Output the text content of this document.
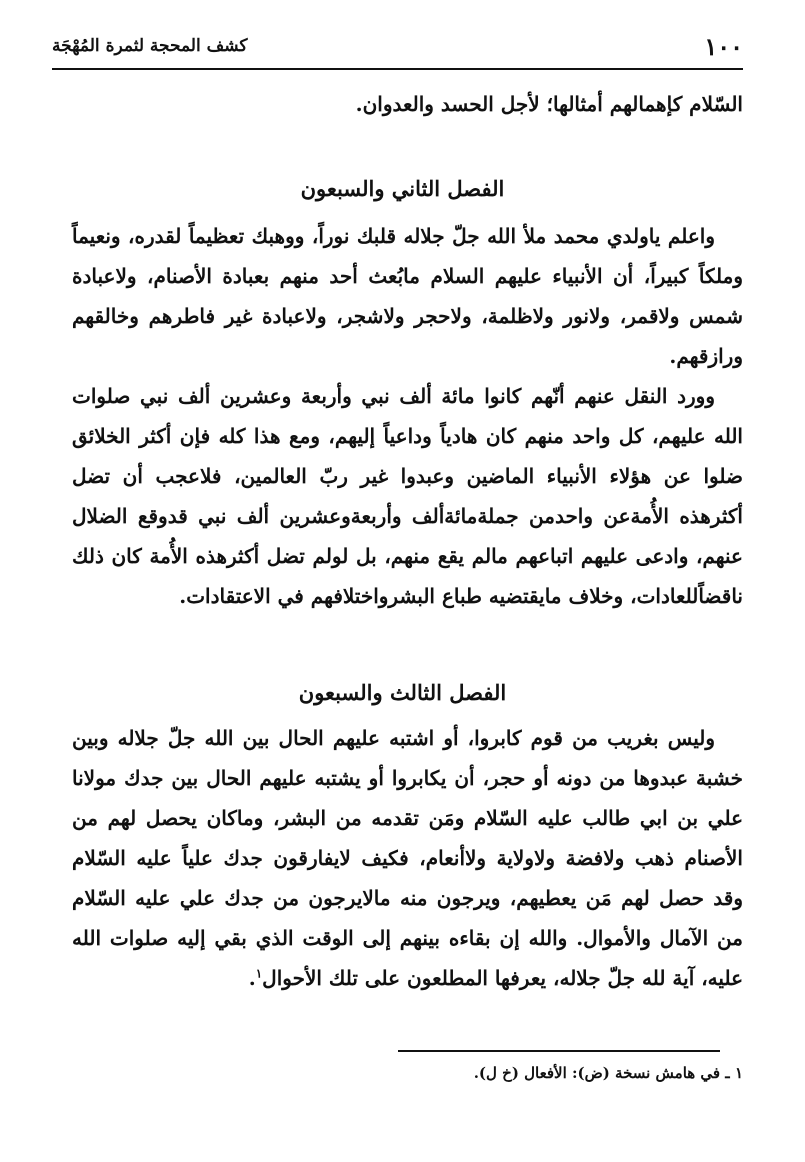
١٠٠
كشف المحجة لثمرة المُهْجَة

السّلام كإهمالهم أمثالها؛ لأجل الحسد والعدوان.

الفصل الثاني والسبعون

واعلم ياولدي محمد ملأ الله جلّ جلاله قلبك نوراً، ووهبك تعظيماً لقدره، ونعيماً وملكاً كبيراً، أن الأنبياء عليهم السلام مابُعث أحد منهم بعبادة الأصنام، ولاعبادة شمس ولاقمر، ولانور ولاظلمة، ولاحجر ولاشجر، ولاعبادة غير فاطرهم وخالقهم ورازقهم.

وورد النقل عنهم أنّهم كانوا مائة ألف نبي وأربعة وعشرين ألف نبي صلوات الله عليهم، كل واحد منهم كان هادياً وداعياً إليهم، ومع هذا كله فإن أكثر الخلائق ضلوا عن هؤلاء الأنبياء الماضين وعبدوا غير ربّ العالمين، فلاعجب أن تضل أكثرهذه الأُمةعن واحدمن جملةمائةألف وأربعةوعشرين ألف نبي قدوقع الضلال عنهم، وادعى عليهم اتباعهم مالم يقع منهم، بل لولم تضل أكثرهذه الأُمة كان ذلك ناقضاًللعادات، وخلاف مايقتضيه طباع البشرواختلافهم في الاعتقادات.

الفصل الثالث والسبعون

وليس بغريب من قوم كابروا، أو اشتبه عليهم الحال بين الله جلّ جلاله وبين خشبة عبدوها من دونه أو حجر، أن يكابروا أو يشتبه عليهم الحال بين جدك مولانا علي بن ابي طالب عليه السّلام ومَن تقدمه من البشر، وماكان يحصل لهم من الأصنام ذهب ولافضة ولاولاية ولاأنعام، فكيف لايفارقون جدك علياً عليه السّلام وقد حصل لهم مَن يعطيهم، ويرجون منه مالايرجون من جدك علي عليه السّلام من الآمال والأموال. والله إن بقاءه بينهم إلى الوقت الذي بقي إليه صلوات الله عليه، آية لله جلّ جلاله، يعرفها المطلعون على تلك الأحوال$^١$.

١ ـ في هامش نسخة (ض): الأفعال (خ ل).
